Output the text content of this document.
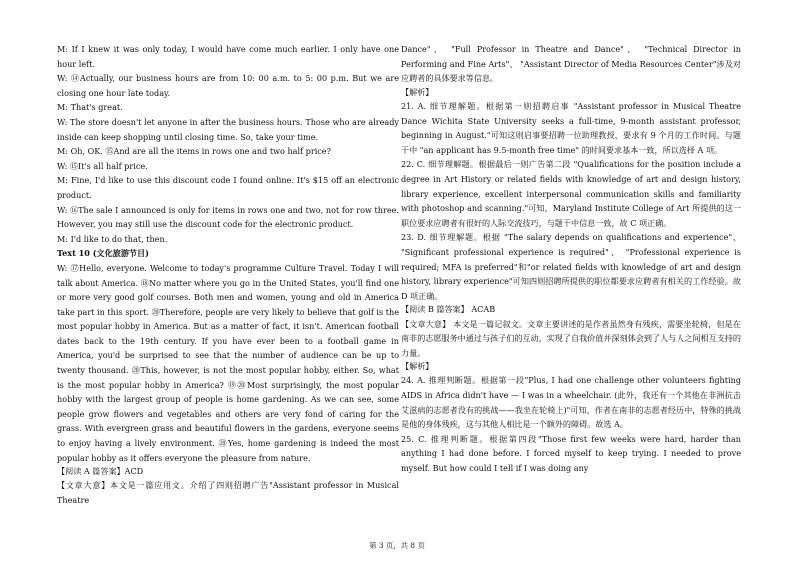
M: If I knew it was only today, I would have come much earlier. I only have one hour left.

W: ⑭Actually, our business hours are from 10: 00 a.m. to 5: 00 p.m. But we are closing one hour late today.

M: That's great.

W: The store doesn't let anyone in after the business hours. Those who are already inside can keep shopping until closing time. So, take your time.

M: Oh, OK. ⑮And are all the items in rows one and two half price?

W: ⑮It's all half price.

M: Fine, I'd like to use this discount code I found online. It's $15 off an electronic product.

W: ⑯The sale I announced is only for items in rows one and two, not for row three. However, you may still use the discount code for the electronic product.

M: I'd like to do that, then.

Text 10 (文化旅游节目)

W: ⑰Hello, everyone. Welcome to today's programme Culture Travel. Today I will talk about America. ⑱No matter where you go in the United States, you'll find one or more very good golf courses. Both men and women, young and old in America take part in this sport. ⑳Therefore, people are very likely to believe that golf is the most popular hobby in America. But as a matter of fact, it isn't. American football dates back to the 19th century. If you have ever been to a football game in America, you'd be surprised to see that the number of audience can be up to twenty thousand. ⑳This, however, is not the most popular hobby, either. So, what is the most popular hobby in America? ⑲⑳Most surprisingly, the most popular hobby with the largest group of people is home gardening. As we can see, some people grow flowers and vegetables and others are very fond of caring for the grass. With evergreen grass and beautiful flowers in the gardens, everyone seems to enjoy having a lively environment. ⑳Yes, home gardening is indeed the most popular hobby as it offers everyone the pleasure from nature.

【阅读 A 篇答案】ACD

【文章大意】本文是一篇应用文。介绍了四则招聘广告"Assistant professor in Musical Theatre

Dance"、 "Full Professor in Theatre and Dance"、 "Technical Director in Performing and Fine Arts"、 "Assistant Director of Media Resources Center"涉及对应聘者的具体要求等信息。

【解析】

21. A. 细节理解题。根据第一则招聘启事 "Assistant professor in Musical Theatre Dance Wichita State University seeks a full-time, 9-month assistant professor, beginning in August."可知这则启事要招聘一位助理教授，要求有 9 个月的工作时间。与题干中 "an applicant has 9.5-month free time" 的时间要求基本一致，所以选择 A 项。

22. C. 细节理解题。根据最后一则广告第二段 "Qualifications for the position include a degree in Art History or related fields with knowledge of art and design history, library experience, excellent interpersonal communication skills and familiarity with photoshop and scanning."可知，Maryland Institute College of Art 所提供的这一职位要求应聘者有很好的人际交流技巧，与题干中信息一致，故 C 项正确。

23. D. 细节理解题。根据 "The salary depends on qualifications and experience"、 "Significant professional experience is required"、 "Professional experience is required; MFA is preferred"和"or related fields with knowledge of art and design history, library experience"可知四则招聘所提供的职位都要求应聘者有相关的工作经验。故 D 项正确。

【阅读 B 篇答案】 ACAB

【文章大意】 本文是一篇记叙文。文章主要讲述的是作者虽然身有残疾，需要坐轮椅，但是在南非的志愿服务中通过与孩子们的互动，实现了自我价值并深刻体会到了人与人之间相互支持的力量。

【解析】

24. A. 推理判断题。根据第一段"Plus, I had one challenge other volunteers fighting AIDS in Africa didn't have — I was in a wheelchair. (此外，我还有一个其他在非洲抗击艾滋病的志愿者没有的挑战——我坐在轮椅上)"可知，作者在南非的志愿者经历中，特殊的挑战是他的身体残疾，这与其他人相比是一个额外的障碍。故选 A。

25. C. 推理判断题。根据第四段"Those first few weeks were hard, harder than anything I had done before. I forced myself to keep trying. I needed to prove myself. But how could I tell if I was doing any

第 3 页，共 8 页
